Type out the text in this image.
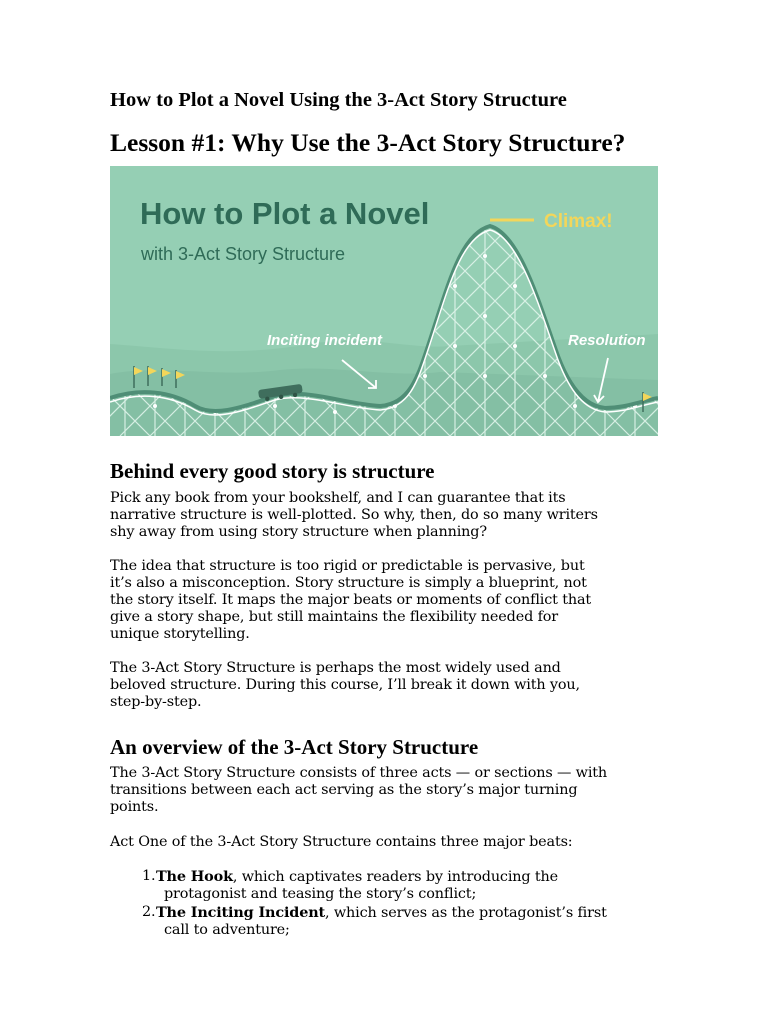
How to Plot a Novel Using the 3-Act Story Structure
Lesson #1: Why Use the 3-Act Story Structure?
How to Plot a Novel
with 3-Act Story Structure
Climax!
Inciting incident	Resolution
Behind every good story is structure

Pick any book from your bookshelf, and I can guarantee that its
narrative structure is well-plotted. So why, then, do so many writers
shy away from using story structure when planning?

The idea that structure is too rigid or predictable is pervasive, but
it’s also a misconception. Story structure is simply a blueprint, not
the story itself. It maps the major beats or moments of conflict that
give a story shape, but still maintains the flexibility needed for
unique storytelling.

The 3-Act Story Structure is perhaps the most widely used and
beloved structure. During this course, I’ll break it down with you,
step-by-step.

An overview of the 3-Act Story Structure

The 3-Act Story Structure consists of three acts — or sections — with
transitions between each act serving as the story’s major turning
points.

Act One of the 3-Act Story Structure contains three major beats:

1. The Hook, which captivates readers by introducing the
protagonist and teasing the story’s conflict;
2. The Inciting Incident, which serves as the protagonist’s first
call to adventure;
